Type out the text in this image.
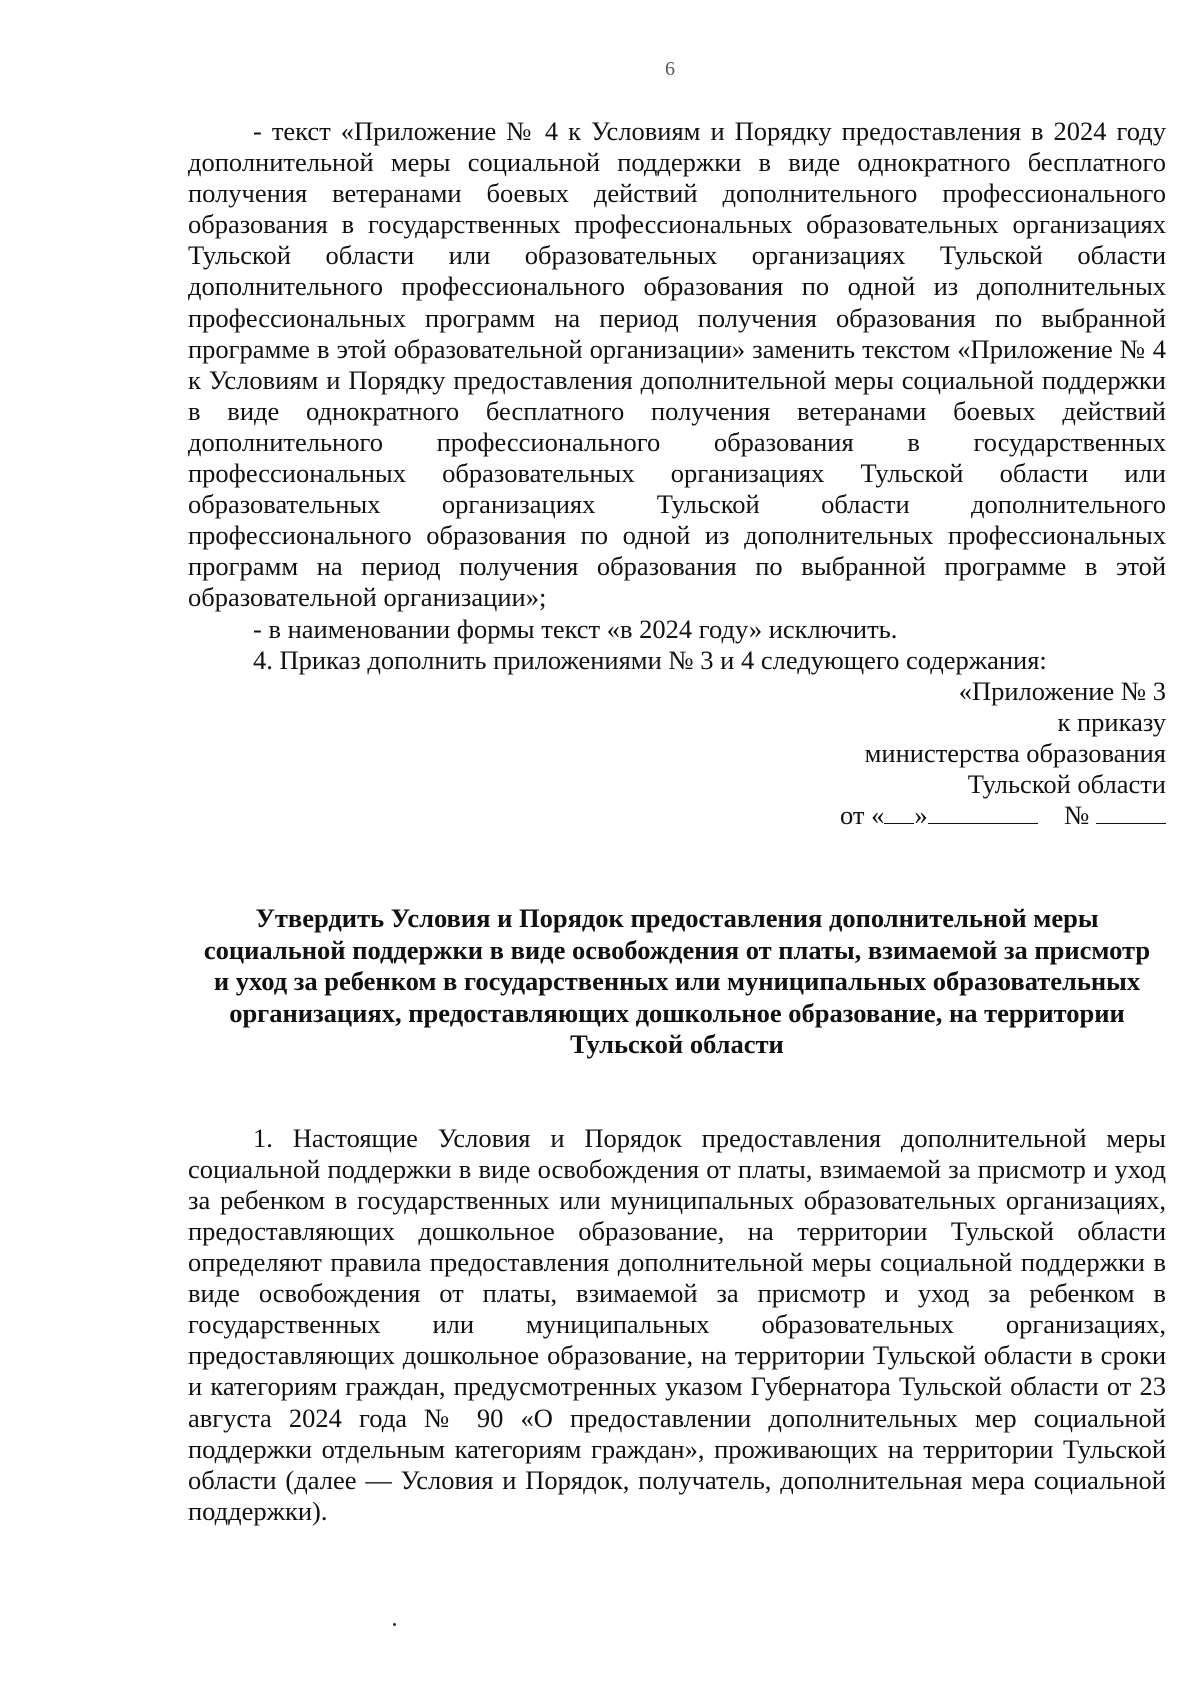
6

- текст «Приложение № 4 к Условиям и Порядку предоставления в 2024 году дополнительной меры социальной поддержки в виде однократного бесплатного получения ветеранами боевых действий дополнительного профессионального образования в государственных профессиональных образовательных организациях Тульской области или образовательных организациях Тульской области дополнительного профессионального образования по одной из дополнительных профессиональных программ на период получения образования по выбранной программе в этой образовательной организации» заменить текстом «Приложение № 4 к Условиям и Порядку предоставления дополнительной меры социальной поддержки в виде однократного бесплатного получения ветеранами боевых действий дополнительного профессионального образования в государственных профессиональных образовательных организациях Тульской области или образовательных организациях Тульской области дополнительного профессионального образования по одной из дополнительных профессиональных программ на период получения образования по выбранной программе в этой образовательной организации»;

- в наименовании формы текст «в 2024 году» исключить.

4. Приказ дополнить приложениями № 3 и 4 следующего содержания:

«Приложение № 3
к приказу
министерства образования
Тульской области
от « »	№
Утвердить Условия и Порядок предоставления дополнительной меры социальной поддержки в виде освобождения от платы, взимаемой за присмотр и уход за ребенком в государственных или муниципальных образовательных организациях, предоставляющих дошкольное образование, на территории Тульской области

1. Настоящие Условия и Порядок предоставления дополнительной меры социальной поддержки в виде освобождения от платы, взимаемой за присмотр и уход за ребенком в государственных или муниципальных образовательных организациях, предоставляющих дошкольное образование, на территории Тульской области определяют правила предоставления дополнительной меры социальной поддержки в виде освобождения от платы, взимаемой за присмотр и уход за ребенком в государственных или муниципальных образовательных организациях, предоставляющих дошкольное образование, на территории Тульской области в сроки и категориям граждан, предусмотренных указом Губернатора Тульской области от 23 августа 2024 года № 90 «О предоставлении дополнительных мер социальной поддержки отдельным категориям граждан», проживающих на территории Тульской области (далее — Условия и Порядок, получатель, дополнительная мера социальной поддержки).
